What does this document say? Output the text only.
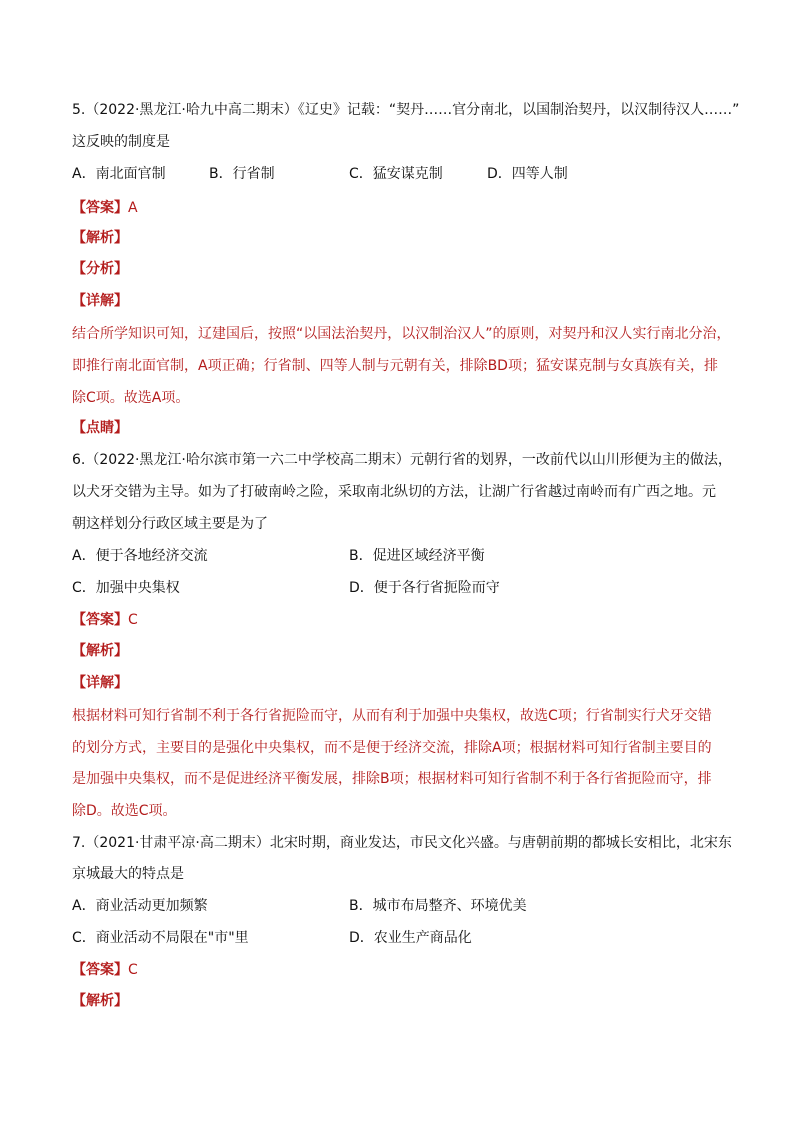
5.（2022·黑龙江·哈九中高二期末）《辽史》记载：“契丹……官分南北，以国制治契丹，以汉制待汉人……”
这反映的制度是
A．南北面官制	B．行省制	C．猛安谋克制	D．四等人制
【答案】A
【解析】
【分析】
【详解】
结合所学知识可知，辽建国后，按照“以国法治契丹，以汉制治汉人”的原则，对契丹和汉人实行南北分治，
即推行南北面官制，A项正确；行省制、四等人制与元朝有关，排除BD项；猛安谋克制与女真族有关，排
除C项。故选A项。
【点睛】
6.（2022·黑龙江·哈尔滨市第一六二中学校高二期末）元朝行省的划界，一改前代以山川形便为主的做法，
以犬牙交错为主导。如为了打破南岭之险，采取南北纵切的方法，让湖广行省越过南岭而有广西之地。元
朝这样划分行政区域主要是为了
A．便于各地经济交流	B．促进区域经济平衡
C．加强中央集权	D．便于各行省扼险而守
【答案】C
【解析】
【详解】
根据材料可知行省制不利于各行省扼险而守，从而有利于加强中央集权，故选C项；行省制实行犬牙交错
的划分方式，主要目的是强化中央集权，而不是便于经济交流，排除A项；根据材料可知行省制主要目的
是加强中央集权，而不是促进经济平衡发展，排除B项；根据材料可知行省制不利于各行省扼险而守，排
除D。故选C项。
7.（2021·甘肃平凉·高二期末）北宋时期，商业发达，市民文化兴盛。与唐朝前期的都城长安相比，北宋东
京城最大的特点是
A．商业活动更加频繁	B．城市布局整齐、环境优美
C．商业活动不局限在"市"里	D．农业生产商品化
【答案】C
【解析】
